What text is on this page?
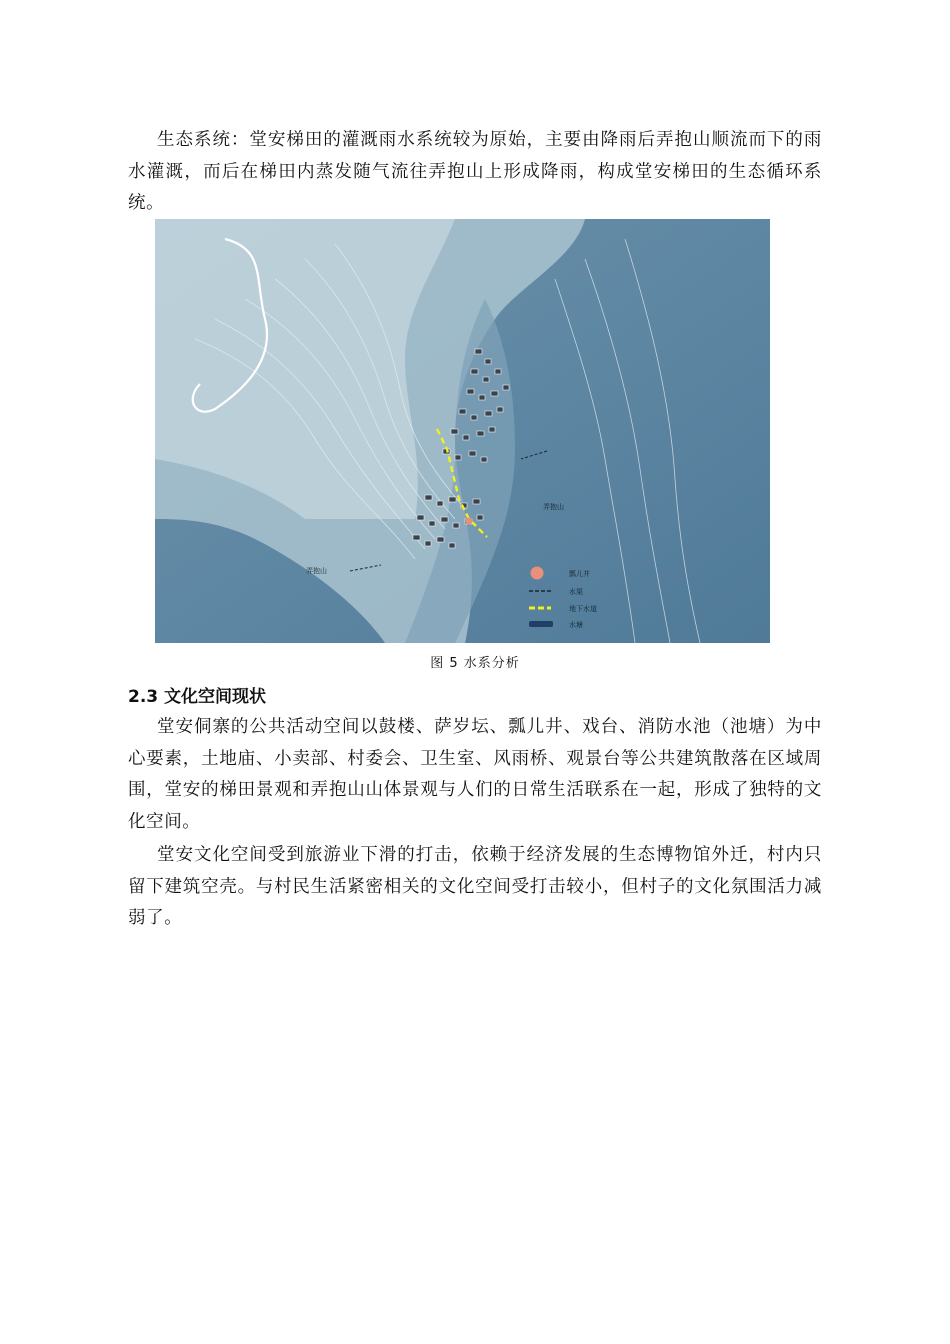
生态系统：堂安梯田的灌溉雨水系统较为原始，主要由降雨后弄抱山顺流而下的雨水灌溉，而后在梯田内蒸发随气流往弄抱山上形成降雨，构成堂安梯田的生态循环系统。

弄抱山
弄抱山	瓢儿井
水渠
地下水道
水塘
图 5 水系分析
2.3 文化空间现状

堂安侗寨的公共活动空间以鼓楼、萨岁坛、瓢儿井、戏台、消防水池（池塘）为中心要素，土地庙、小卖部、村委会、卫生室、风雨桥、观景台等公共建筑散落在区域周围，堂安的梯田景观和弄抱山山体景观与人们的日常生活联系在一起，形成了独特的文化空间。

堂安文化空间受到旅游业下滑的打击，依赖于经济发展的生态博物馆外迁，村内只留下建筑空壳。与村民生活紧密相关的文化空间受打击较小，但村子的文化氛围活力减弱了。
